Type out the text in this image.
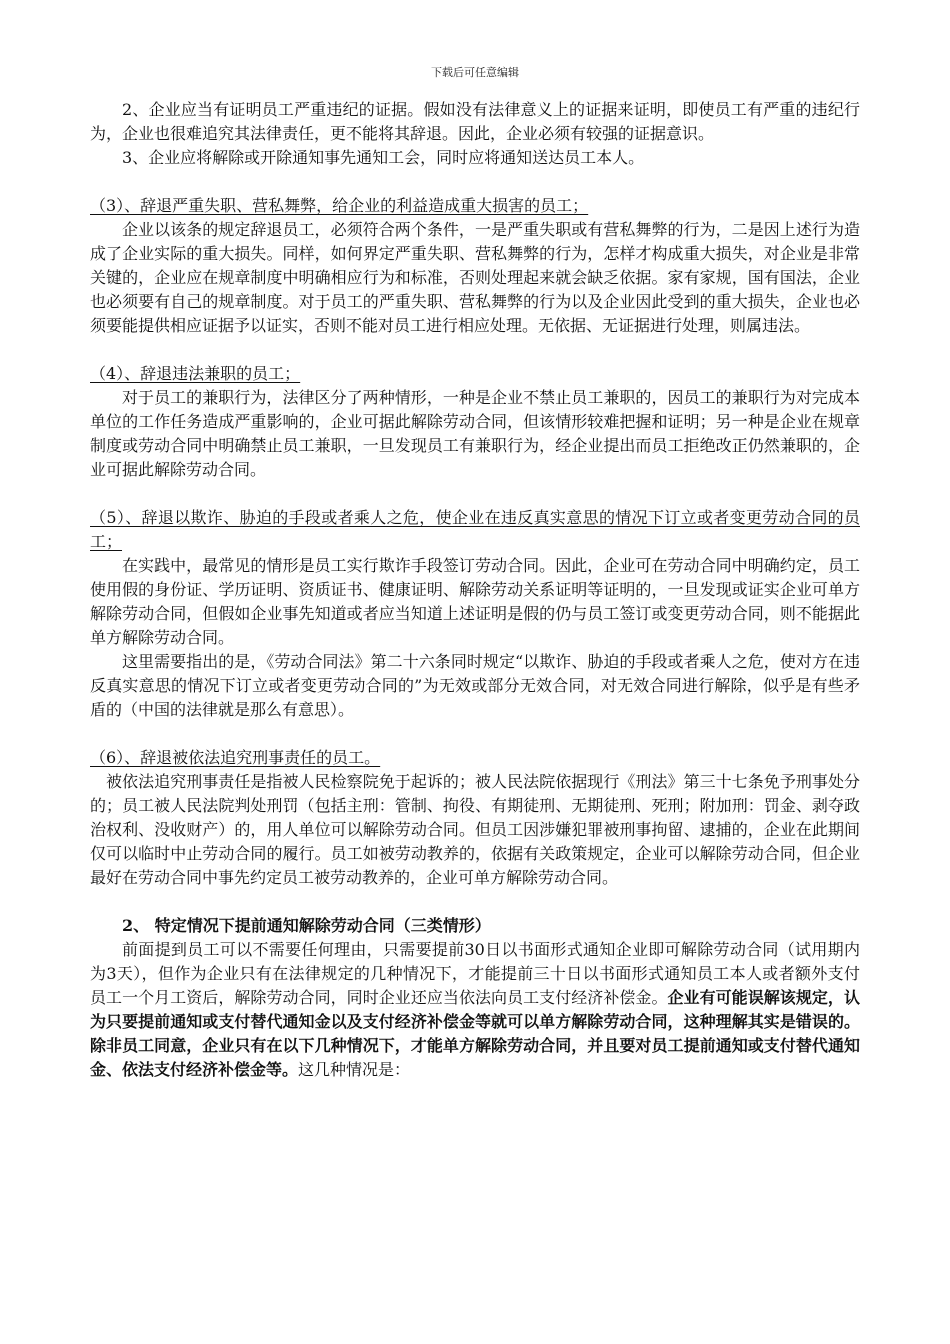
下载后可任意编辑

2、企业应当有证明员工严重违纪的证据。假如没有法律意义上的证据来证明，即使员工有严重的违纪行为，企业也很难追究其法律责任，更不能将其辞退。因此，企业必须有较强的证据意识。

3、企业应将解除或开除通知事先通知工会，同时应将通知送达员工本人。

（3）、辞退严重失职、营私舞弊，给企业的利益造成重大损害的员工；

企业以该条的规定辞退员工，必须符合两个条件，一是严重失职或有营私舞弊的行为，二是因上述行为造成了企业实际的重大损失。同样，如何界定严重失职、营私舞弊的行为，怎样才构成重大损失，对企业是非常关键的，企业应在规章制度中明确相应行为和标准，否则处理起来就会缺乏依据。家有家规，国有国法，企业也必须要有自己的规章制度。对于员工的严重失职、营私舞弊的行为以及企业因此受到的重大损失，企业也必须要能提供相应证据予以证实，否则不能对员工进行相应处理。无依据、无证据进行处理，则属违法。

（4）、辞退违法兼职的员工；

对于员工的兼职行为，法律区分了两种情形，一种是企业不禁止员工兼职的，因员工的兼职行为对完成本单位的工作任务造成严重影响的，企业可据此解除劳动合同，但该情形较难把握和证明；另一种是企业在规章制度或劳动合同中明确禁止员工兼职，一旦发现员工有兼职行为，经企业提出而员工拒绝改正仍然兼职的，企业可据此解除劳动合同。

（5）、辞退以欺诈、胁迫的手段或者乘人之危，使企业在违反真实意思的情况下订立或者变更劳动合同的员工；

在实践中，最常见的情形是员工实行欺诈手段签订劳动合同。因此，企业可在劳动合同中明确约定，员工使用假的身份证、学历证明、资质证书、健康证明、解除劳动关系证明等证明的，一旦发现或证实企业可单方解除劳动合同，但假如企业事先知道或者应当知道上述证明是假的仍与员工签订或变更劳动合同，则不能据此单方解除劳动合同。

这里需要指出的是，《劳动合同法》第二十六条同时规定“以欺诈、胁迫的手段或者乘人之危，使对方在违反真实意思的情况下订立或者变更劳动合同的”为无效或部分无效合同，对无效合同进行解除，似乎是有些矛盾的（中国的法律就是那么有意思）。

（6）、辞退被依法追究刑事责任的员工。

被依法追究刑事责任是指被人民检察院免于起诉的；被人民法院依据现行《刑法》第三十七条免予刑事处分的；员工被人民法院判处刑罚（包括主刑：管制、拘役、有期徒刑、无期徒刑、死刑；附加刑：罚金、剥夺政治权利、没收财产）的，用人单位可以解除劳动合同。但员工因涉嫌犯罪被刑事拘留、逮捕的，企业在此期间仅可以临时中止劳动合同的履行。员工如被劳动教养的，依据有关政策规定，企业可以解除劳动合同，但企业最好在劳动合同中事先约定员工被劳动教养的，企业可单方解除劳动合同。

2、 特定情况下提前通知解除劳动合同（三类情形）

前面提到员工可以不需要任何理由，只需要提前30日以书面形式通知企业即可解除劳动合同（试用期内为3天），但作为企业只有在法律规定的几种情况下，才能提前三十日以书面形式通知员工本人或者额外支付员工一个月工资后，解除劳动合同，同时企业还应当依法向员工支付经济补偿金。企业有可能误解该规定，认为只要提前通知或支付替代通知金以及支付经济补偿金等就可以单方解除劳动合同，这种理解其实是错误的。除非员工同意，企业只有在以下几种情况下，才能单方解除劳动合同，并且要对员工提前通知或支付替代通知金、依法支付经济补偿金等。这几种情况是：
